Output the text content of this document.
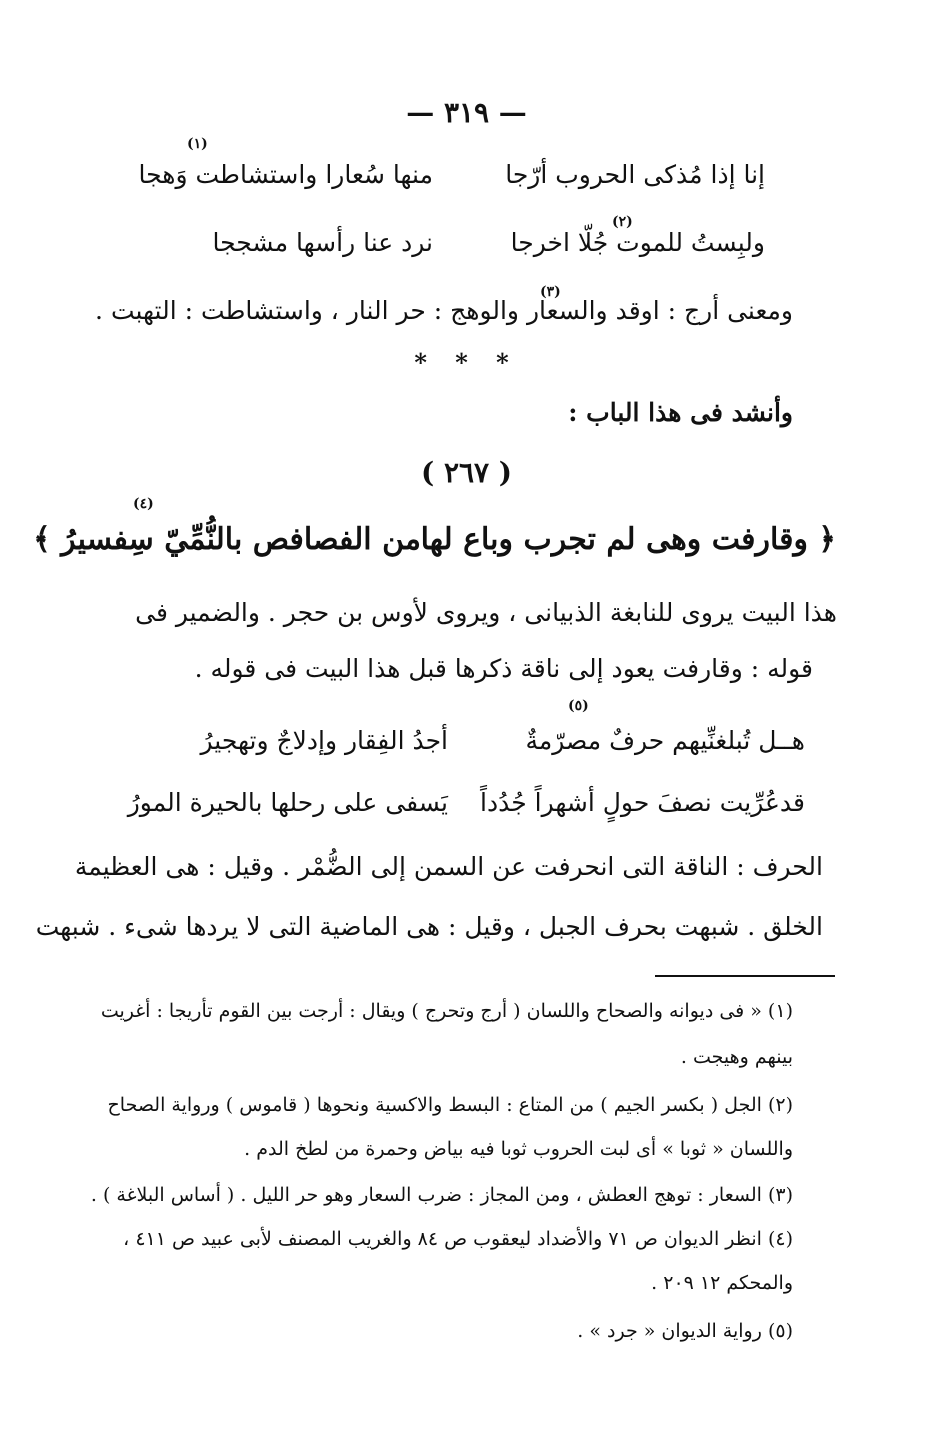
— ٣١٩ —
(١)
إنا إذا مُذكى الحروب أرّجا
منها سُعارا واستشاطت وَهجا
(٢)
ولبِستُ للموت جُلّا اخرجا
نرد عنا رأسها مشججا
(٣)
ومعنى أرج : اوقد والسعار والوهج : حر النار ، واستشاطت : التهبت .
* * *
وأنشد فى هذا الباب :
( ٢٦٧ )
(٤)
﴿ وقارفت وهى لم تجرب وباع لها
من الفصافص بالنُّمِّيّ سِفسيرُ ﴾
هذا البيت يروى للنابغة الذبيانى ، ويروى لأوس بن حجر . والضمير فى
قوله : وقارفت يعود إلى ناقة ذكرها قبل هذا البيت فى قوله .
(٥)
هــل تُبلغنِّيهم حرفٌ مصرّمةٌ
أجدُ الفِقار وإدلاجٌ وتهجيرُ
قدعُرِّيت نصفَ حولٍ أشهراً جُدُداً
يَسفى على رحلها بالحيرة المورُ
الحرف : الناقة التى انحرفت عن السمن إلى الضُّمْر . وقيل : هى العظيمة
الخلق . شبهت بحرف الجبل ، وقيل : هى الماضية التى لا يردها شىء . شبهت
(١) « فى ديوانه والصحاح واللسان ( أرج وتحرج ) ويقال : أرجت بين القوم تأريجا : أغريت
بينهم وهيجت .
(٢) الجل ( بكسر الجيم ) من المتاع : البسط والاكسية ونحوها ( قاموس ) ورواية الصحاح
واللسان « ثوبا » أى لبت الحروب ثوبا فيه بياض وحمرة من لطخ الدم .
(٣) السعار : توهج العطش ، ومن المجاز : ضرب السعار وهو حر الليل . ( أساس البلاغة ) .
(٤) انظر الديوان ص ٧١ والأضداد ليعقوب ص ٨٤ والغريب المصنف لأبى عبيد ص ٤١١ ،
والمحكم ١٢ ٢٠٩ .
(٥) رواية الديوان « جرد » .
